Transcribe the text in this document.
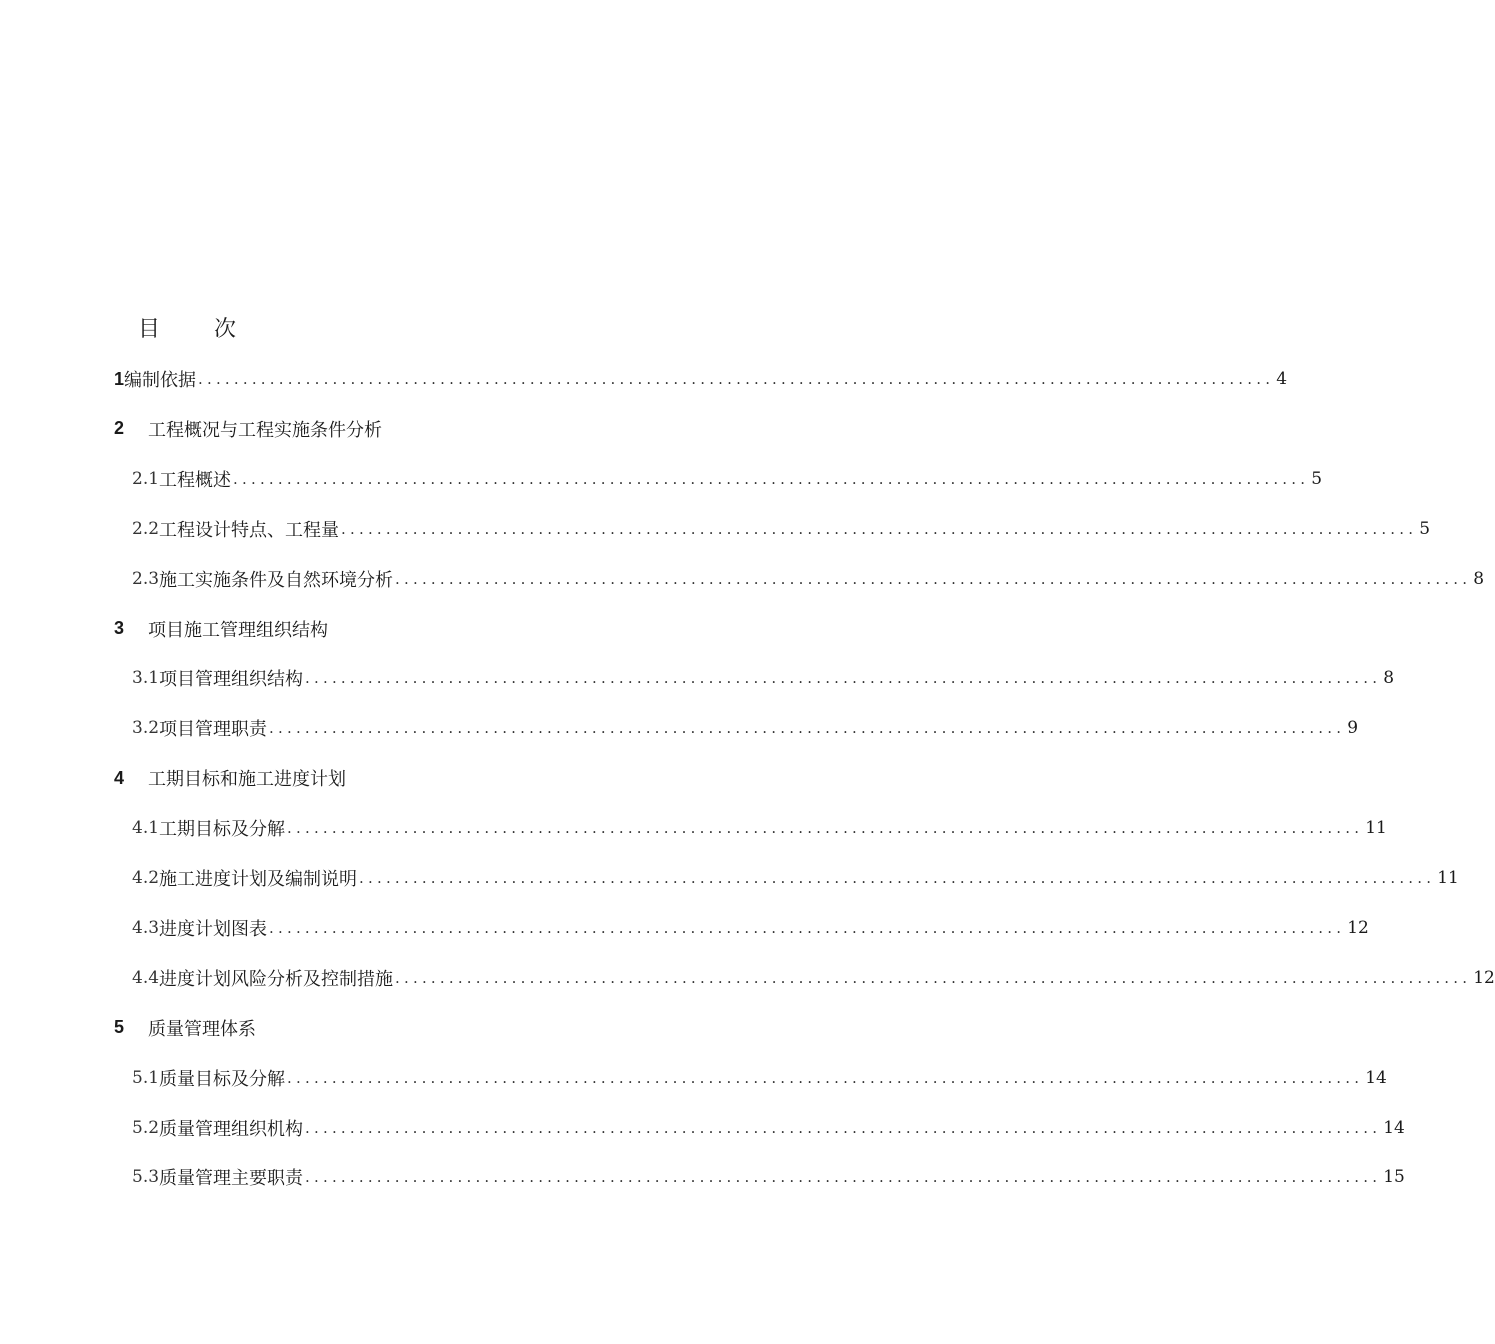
目 次
1 编制依据 ........................................................................................................................ 4
2	工程概况与工程实施条件分析
2.1 工程概述 ........................................................................................................................ 5
2.2 工程设计特点、工程量 ........................................................................................................................ 5
2.3 施工实施条件及自然环境分析 ........................................................................................................................ 8
3	项目施工管理组织结构
3.1 项目管理组织结构 ........................................................................................................................ 8
3.2 项目管理职责 ........................................................................................................................ 9
4	工期目标和施工进度计划
4.1 工期目标及分解 ........................................................................................................................ 11
4.2 施工进度计划及编制说明 ........................................................................................................................ 11
4.3 进度计划图表 ........................................................................................................................ 12
4.4 进度计划风险分析及控制措施 ........................................................................................................................ 12
5	质量管理体系
5.1 质量目标及分解 ........................................................................................................................ 14
5.2 质量管理组织机构 ........................................................................................................................ 14
5.3 质量管理主要职责 ........................................................................................................................ 15
